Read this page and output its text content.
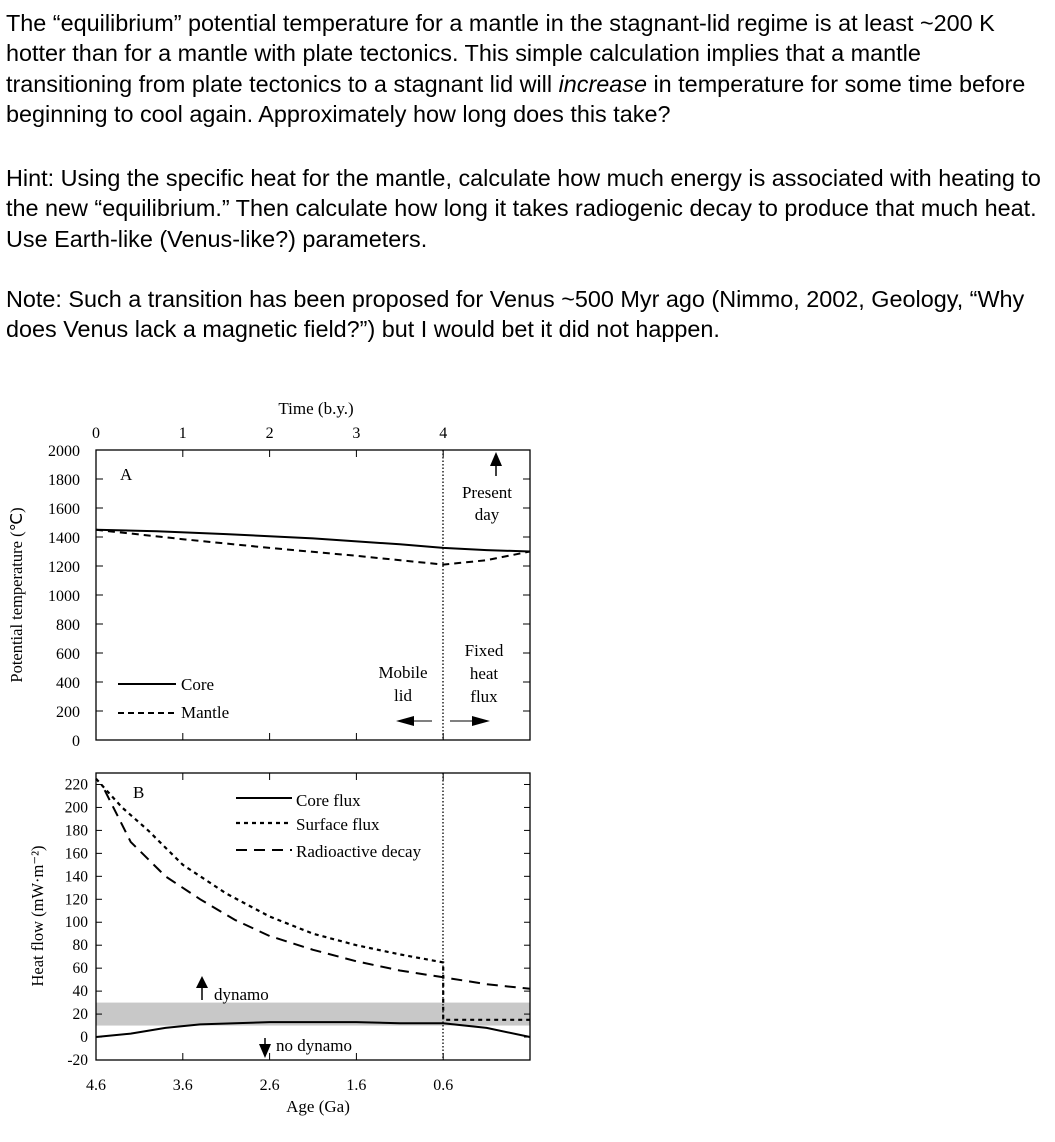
The “equilibrium” potential temperature for a mantle in the stagnant-lid regime is at least ~200 K hotter than for a mantle with plate tectonics. This simple calculation implies that a mantle transitioning from plate tectonics to a stagnant lid will increase in temperature for some time before beginning to cool again. Approximately how long does this take?

Hint: Using the specific heat for the mantle, calculate how much energy is associated with heating to the new “equilibrium.” Then calculate how long it takes radiogenic decay to produce that much heat. Use Earth-like (Venus-like?) parameters.

Note: Such a transition has been proposed for Venus ~500 Myr ago (Nimmo, 2002, Geology, “Why does Venus lack a magnetic field?”) but I would bet it did not happen.

Time (b.y.)
A
Potential temperature (℃)
0	1	2	3	4
2000
1800
1600
1400
1200
1000
800
600
400
200
0
Present day
Mobile lid
Fixed heat flux
Core
Mantle
B
Heat flow (mW·m⁻²)
4.6	3.6	2.6	1.6	0.6
220
200
180
160
140
120
100
80
60
40
20
0
-20
Core flux
Surface flux
Radioactive decay
dynamo
no dynamo
Age (Ga)
